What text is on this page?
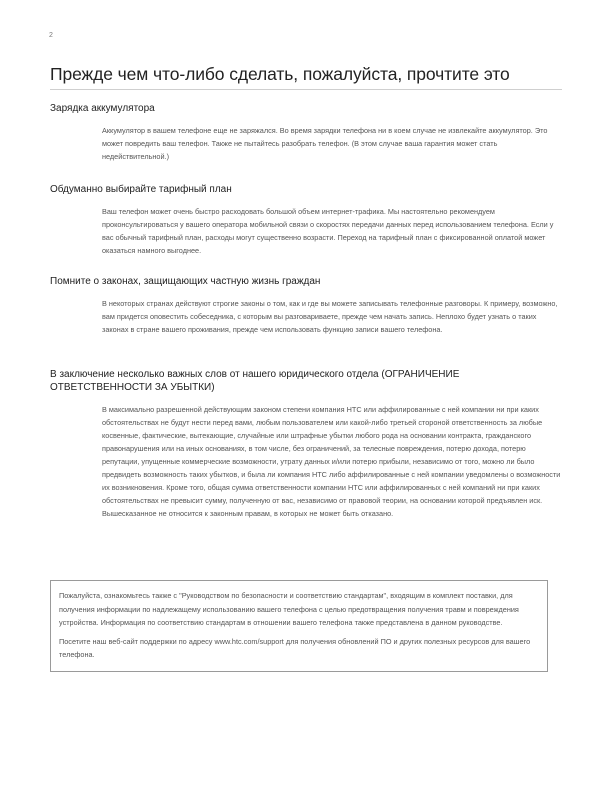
2
Прежде чем что-либо сделать, пожалуйста, прочтите это
Зарядка аккумулятора

Аккумулятор в вашем телефоне еще не заряжался. Во время зарядки телефона ни в коем случае не извлекайте аккумулятор. Это может повредить ваш телефон. Также не пытайтесь разобрать телефон. (В этом случае ваша гарантия может стать недействительной.)

Обдуманно выбирайте тарифный план

Ваш телефон может очень быстро расходовать большой объем интернет-трафика. Мы настоятельно рекомендуем проконсультироваться у вашего оператора мобильной связи о скоростях передачи данных перед использованием телефона. Если у вас обычный тарифный план, расходы могут существенно возрасти. Переход на тарифный план с фиксированной оплатой может оказаться намного выгоднее.

Помните о законах, защищающих частную жизнь граждан

В некоторых странах действуют строгие законы о том, как и где вы можете записывать телефонные разговоры. К примеру, возможно, вам придется оповестить собеседника, с которым вы разговариваете, прежде чем начать запись. Неплохо будет узнать о таких законах в стране вашего проживания, прежде чем использовать функцию записи вашего телефона.

В заключение несколько важных слов от нашего юридического отдела (ОГРАНИЧЕНИЕ ОТВЕТСТВЕННОСТИ ЗА УБЫТКИ)

В максимально разрешенной действующим законом степени компания HTC или аффилированные с ней компании ни при каких обстоятельствах не будут нести перед вами, любым пользователем или какой-либо третьей стороной ответственность за любые косвенные, фактические, вытекающие, случайные или штрафные убытки любого рода на основании контракта, гражданского правонарушения или на иных основаниях, в том числе, без ограничений, за телесные повреждения, потерю дохода, потерю репутации, упущенные коммерческие возможности, утрату данных и/или потерю прибыли, независимо от того, можно ли было предвидеть возможность таких убытков, и была ли компания HTC либо аффилированные с ней компании уведомлены о возможности их возникновения. Кроме того, общая сумма ответственности компании HTC или аффилированных с ней компаний ни при каких обстоятельствах не превысит сумму, полученную от вас, независимо от правовой теории, на основании которой предъявлен иск. Вышесказанное не относится к законным правам, в которых не может быть отказано.

Пожалуйста, ознакомьтесь также с "Руководством по безопасности и соответствию стандартам", входящим в комплект поставки, для получения информации по надлежащему использованию вашего телефона с целью предотвращения получения травм и повреждения устройства. Информация по соответствию стандартам в отношении вашего телефона также представлена в данном руководстве.

Посетите наш веб-сайт поддержки по адресу www.htc.com/support для получения обновлений ПО и других полезных ресурсов для вашего телефона.
